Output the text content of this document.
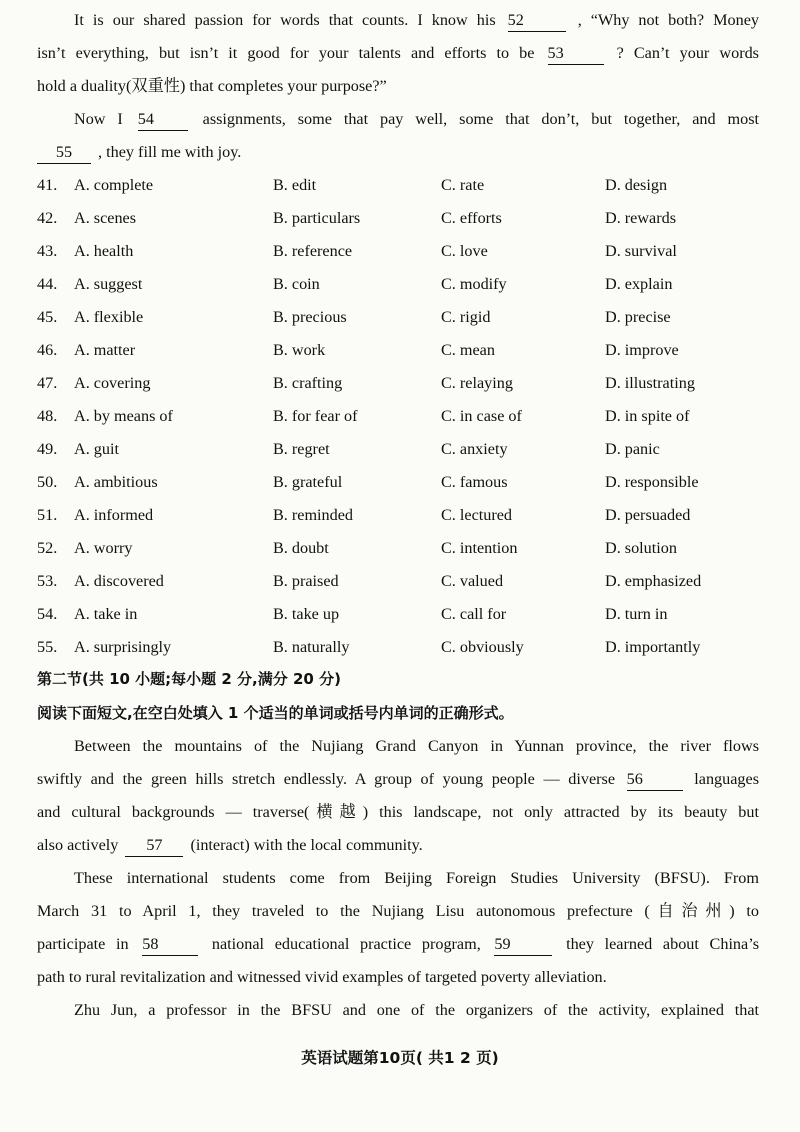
It is our shared passion for words that counts. I know his 52	, “Why not both? Money
isn’t everything, but isn’t it good for your talents and efforts to be 53	? Can’t your words
hold a duality(双重性) that completes your purpose?”
Now I 54	assignments, some that pay well, some that don’t, but together, and most
55 , they fill me with joy.
41. A. complete	B. edit	C. rate	D. design
42. A. scenes	B. particulars	C. efforts	D. rewards
43. A. health	B. reference	C. love	D. survival
44. A. suggest	B. coin	C. modify	D. explain
45. A. flexible	B. precious	C. rigid	D. precise
46. A. matter	B. work	C. mean	D. improve
47. A. covering	B. crafting	C. relaying	D. illustrating
48. A. by means of	B. for fear of	C. in case of	D. in spite of
49. A. guit	B. regret	C. anxiety	D. panic
50. A. ambitious	B. grateful	C. famous	D. responsible
51. A. informed	B. reminded	C. lectured	D. persuaded
52. A. worry	B. doubt	C. intention	D. solution
53. A. discovered	B. praised	C. valued	D. emphasized
54. A. take in	B. take up	C. call for	D. turn in
55. A. surprisingly	B. naturally	C. obviously	D. importantly
第二节(共 10 小题;每小题 2 分,满分 20 分)
阅读下面短文,在空白处填入 1 个适当的单词或括号内单词的正确形式。
Between the mountains of the Nujiang Grand Canyon in Yunnan province, the river flows
swiftly and the green hills stretch endlessly. A group of young people — diverse 56	languages
and cultural backgrounds — traverse(横越) this landscape, not only attracted by its beauty but
also actively 57 (interact) with the local community.
These international students come from Beijing Foreign Studies University (BFSU). From
March 31 to April 1, they traveled to the Nujiang Lisu autonomous prefecture (自治州) to
participate in 58	national educational practice program, 59	they learned about China’s
path to rural revitalization and witnessed vivid examples of targeted poverty alleviation.
Zhu Jun, a professor in the BFSU and one of the organizers of the activity, explained that
英语试题第10页( 共1 2 页)
